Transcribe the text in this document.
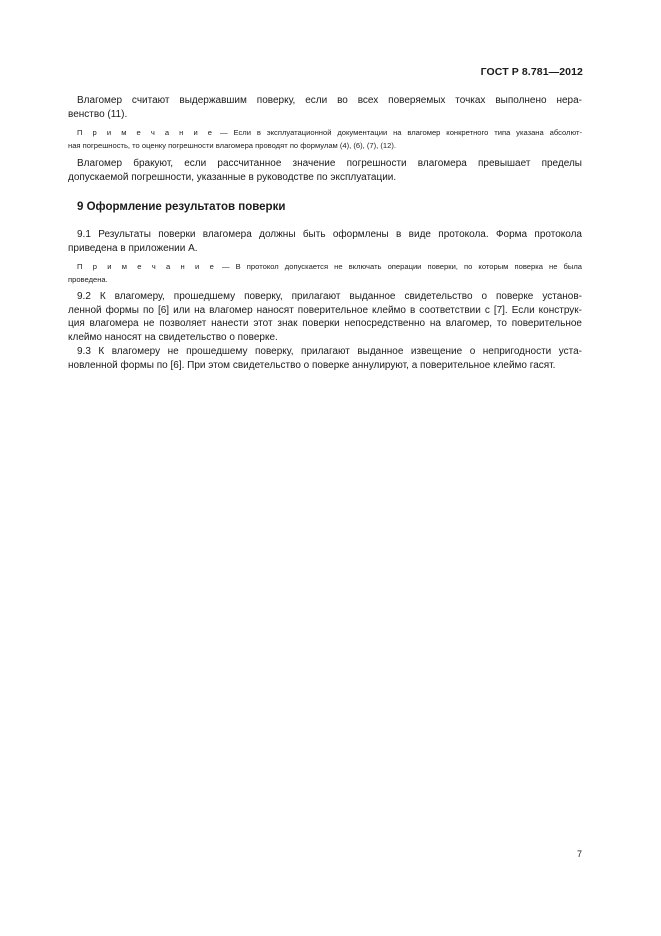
ГОСТ Р 8.781—2012
Влагомер считают выдержавшим поверку, если во всех поверяемых точках выполнено нера-
венство (11).
П р и м е ч а н и е — Если в эксплуатационной документации на влагомер конкретного типа указана абсолют-
ная погрешность, то оценку погрешности влагомера проводят по формулам (4), (6), (7), (12).
Влагомер бракуют, если рассчитанное значение погрешности влагомера превышает пределы
допускаемой погрешности, указанные в руководстве по эксплуатации.
9 Оформление результатов поверки
9.1 Результаты поверки влагомера должны быть оформлены в виде протокола. Форма протокола
приведена в приложении А.
П р и м е ч а н и е — В протокол допускается не включать операции поверки, по которым поверка не была
проведена.
9.2 К влагомеру, прошедшему поверку, прилагают выданное свидетельство о поверке установ-
ленной формы по [6] или на влагомер наносят поверительное клеймо в соответствии с [7]. Если конструк-
ция влагомера не позволяет нанести этот знак поверки непосредственно на влагомер, то поверительное
клеймо наносят на свидетельство о поверке.
9.3 К влагомеру не прошедшему поверку, прилагают выданное извещение о непригодности уста-
новленной формы по [6]. При этом свидетельство о поверке аннулируют, а поверительное клеймо гасят.
7
